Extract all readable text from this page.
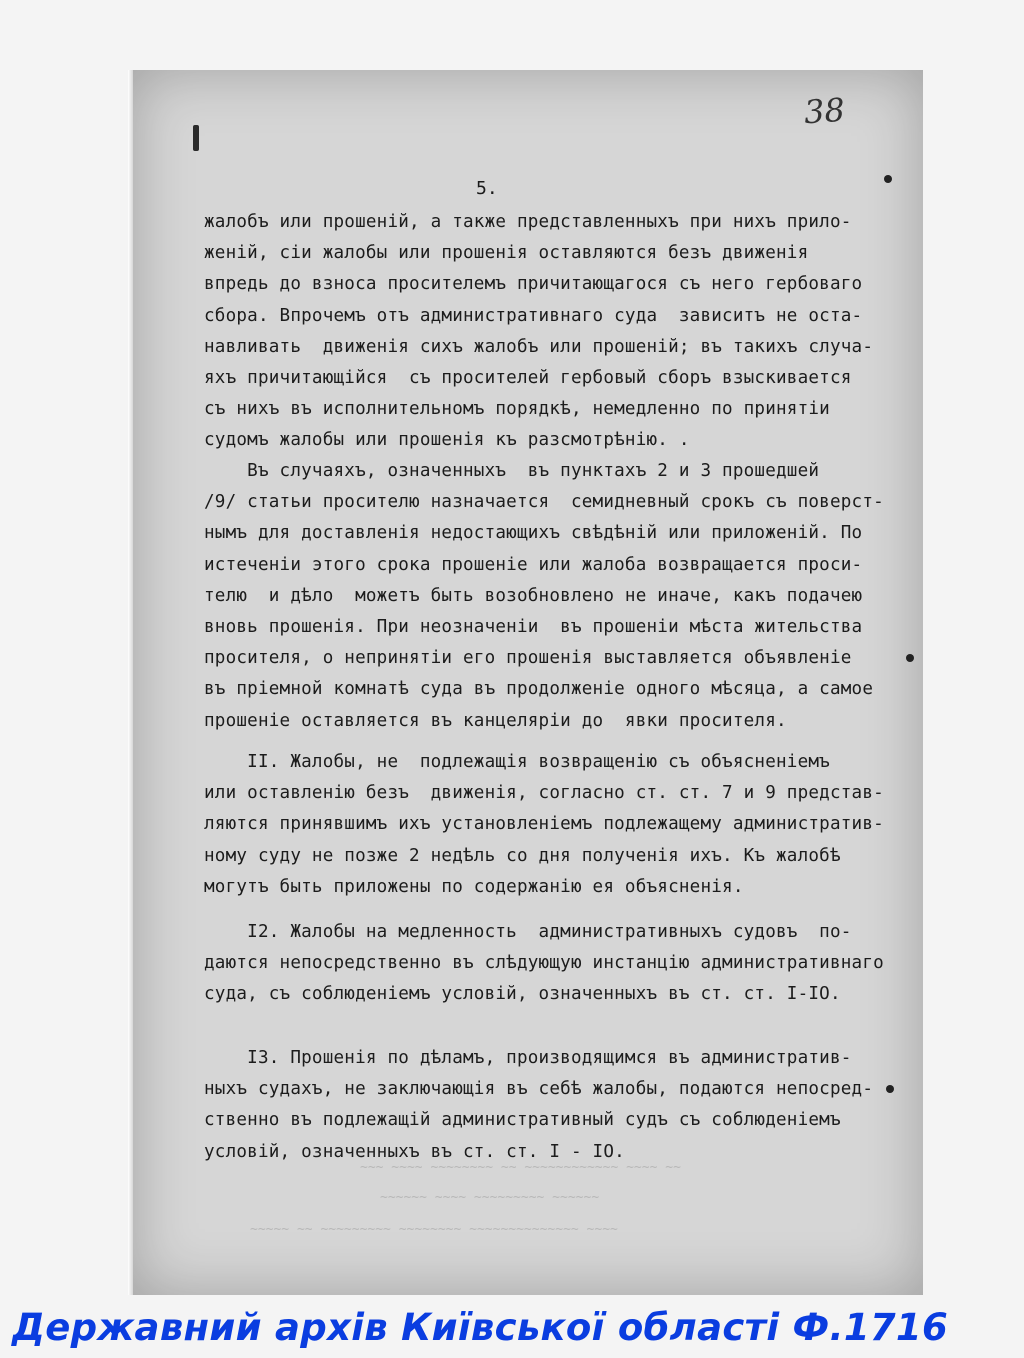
38
5.
жалобъ или прошеній, а также представленныхъ при нихъ прило-
женій, сіи жалобы или прошенія оставляются безъ движенія
впредь до взноса просителемъ причитающагося съ него гербоваго
сбора. Впрочемъ отъ административнаго суда  зависитъ не оста-
навливать  движенія сихъ жалобъ или прошеній; въ такихъ случа-
яхъ причитающійся  съ просителей гербовый сборъ взыскивается
съ нихъ въ исполнительномъ порядкѣ, немедленно по принятіи
судомъ жалобы или прошенія къ разсмотрѣнію. .
Въ случаяхъ, означенныхъ  въ пунктахъ 2 и 3 прошедшей
/9/ статьи просителю назначается  семидневный срокъ съ поверст-
нымъ для доставленія недостающихъ свѣдѣній или приложеній. По
истеченіи этого срока прошеніе или жалоба возвращается проси-
телю  и дѣло  можетъ быть возобновлено не иначе, какъ подачею
вновь прошенія. При неозначеніи  въ прошеніи мѣста жительства
просителя, о непринятіи его прошенія выставляется объявленіе
въ пріемной комнатѣ суда въ продолженіе одного мѣсяца, а самое
прошеніе оставляется въ канцеляріи до  явки просителя.
II. Жалобы, не  подлежащія возвращенію съ объясненіемъ
или оставленію безъ  движенія, согласно ст. ст. 7 и 9 представ-
ляются принявшимъ ихъ установленіемъ подлежащему административ-
ному суду не позже 2 недѣль со дня полученія ихъ. Къ жалобѣ
могутъ быть приложены по содержанію ея объясненія.
I2. Жалобы на медленность  административныхъ судовъ  по-
даются непосредственно въ слѣдующую инстанцію административнаго
суда, съ соблюденіемъ условій, означенныхъ въ ст. ст. I-IO.
I3. Прошенія по дѣламъ, производящимся въ административ-
ныхъ судахъ, не заключающія въ себѣ жалобы, подаются непосред-
ственно въ подлежащій административный судъ съ соблюденіемъ
условій, означенныхъ въ ст. ст. I - IO.
~~~ ~~~~ ~~~~~~~~ ~~ ~~~~~~~~~~~~ ~~~~ ~~
~~~~~~ ~~~~ ~~~~~~~~~ ~~~~~~
~~~~~ ~~ ~~~~~~~~~ ~~~~~~~~ ~~~~~~~~~~~~~~ ~~~~
Державний архів Київської області Ф.1716
